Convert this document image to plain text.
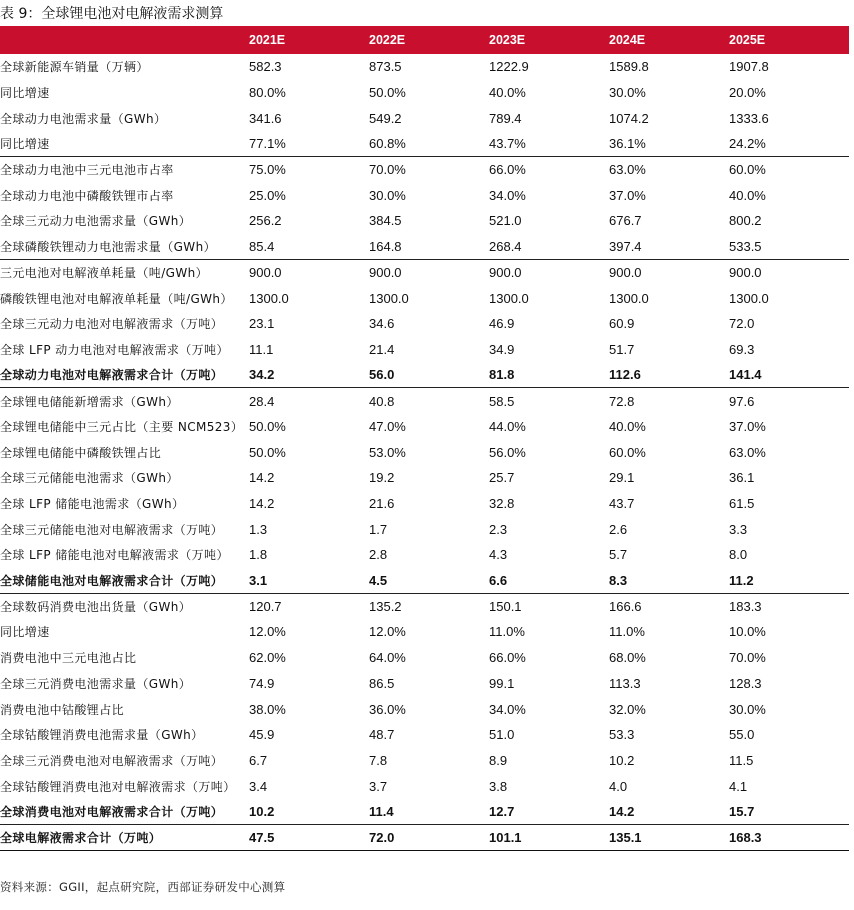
表 9：全球锂电池对电解液需求测算
	2021E	2022E	2023E	2024E	2025E
全球新能源车销量（万辆）	582.3	873.5	1222.9	1589.8	1907.8
同比增速	80.0%	50.0%	40.0%	30.0%	20.0%
全球动力电池需求量（GWh）	341.6	549.2	789.4	1074.2	1333.6
同比增速	77.1%	60.8%	43.7%	36.1%	24.2%
全球动力电池中三元电池市占率	75.0%	70.0%	66.0%	63.0%	60.0%
全球动力电池中磷酸铁锂市占率	25.0%	30.0%	34.0%	37.0%	40.0%
全球三元动力电池需求量（GWh）	256.2	384.5	521.0	676.7	800.2
全球磷酸铁锂动力电池需求量（GWh）	85.4	164.8	268.4	397.4	533.5
三元电池对电解液单耗量（吨/GWh）	900.0	900.0	900.0	900.0	900.0
磷酸铁锂电池对电解液单耗量（吨/GWh）	1300.0	1300.0	1300.0	1300.0	1300.0
全球三元动力电池对电解液需求（万吨）	23.1	34.6	46.9	60.9	72.0
全球 LFP 动力电池对电解液需求（万吨）	11.1	21.4	34.9	51.7	69.3
全球动力电池对电解液需求合计（万吨）	34.2	56.0	81.8	112.6	141.4
全球锂电储能新增需求（GWh）	28.4	40.8	58.5	72.8	97.6
全球锂电储能中三元占比（主要 NCM523）	50.0%	47.0%	44.0%	40.0%	37.0%
全球锂电储能中磷酸铁锂占比	50.0%	53.0%	56.0%	60.0%	63.0%
全球三元储能电池需求（GWh）	14.2	19.2	25.7	29.1	36.1
全球 LFP 储能电池需求（GWh）	14.2	21.6	32.8	43.7	61.5
全球三元储能电池对电解液需求（万吨）	1.3	1.7	2.3	2.6	3.3
全球 LFP 储能电池对电解液需求（万吨）	1.8	2.8	4.3	5.7	8.0
全球储能电池对电解液需求合计（万吨）	3.1	4.5	6.6	8.3	11.2
全球数码消费电池出货量（GWh）	120.7	135.2	150.1	166.6	183.3
同比增速	12.0%	12.0%	11.0%	11.0%	10.0%
消费电池中三元电池占比	62.0%	64.0%	66.0%	68.0%	70.0%
全球三元消费电池需求量（GWh）	74.9	86.5	99.1	113.3	128.3
消费电池中钴酸锂占比	38.0%	36.0%	34.0%	32.0%	30.0%
全球钴酸锂消费电池需求量（GWh）	45.9	48.7	51.0	53.3	55.0
全球三元消费电池对电解液需求（万吨）	6.7	7.8	8.9	10.2	11.5
全球钴酸锂消费电池对电解液需求（万吨）	3.4	3.7	3.8	4.0	4.1
全球消费电池对电解液需求合计（万吨）	10.2	11.4	12.7	14.2	15.7
全球电解液需求合计（万吨）	47.5	72.0	101.1	135.1	168.3
资料来源：GGII，起点研究院，西部证券研发中心测算
